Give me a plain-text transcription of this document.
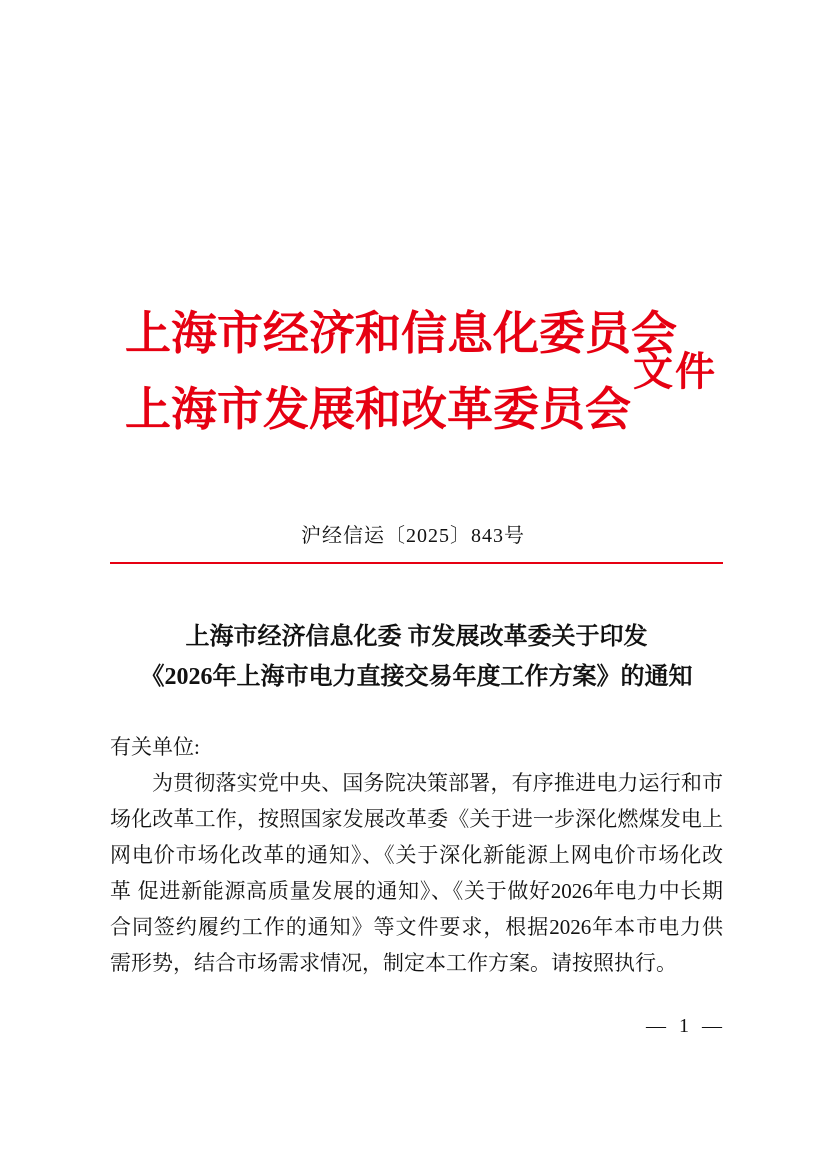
上海市经济和信息化委员会
上海市发展和改革委员会
文件
沪经信运〔2025〕843号
上海市经济信息化委 市发展改革委关于印发
《2026年上海市电力直接交易年度工作方案》的通知
有关单位:
为贯彻落实党中央、国务院决策部署，有序推进电力运行和市
场化改革工作，按照国家发展改革委《关于进一步深化燃煤发电上
网电价市场化改革的通知》、《关于深化新能源上网电价市场化改
革 促进新能源高质量发展的通知》、《关于做好2026年电力中长期
合同签约履约工作的通知》等文件要求，根据2026年本市电力供
需形势，结合市场需求情况，制定本工作方案。请按照执行。
— 1 —
